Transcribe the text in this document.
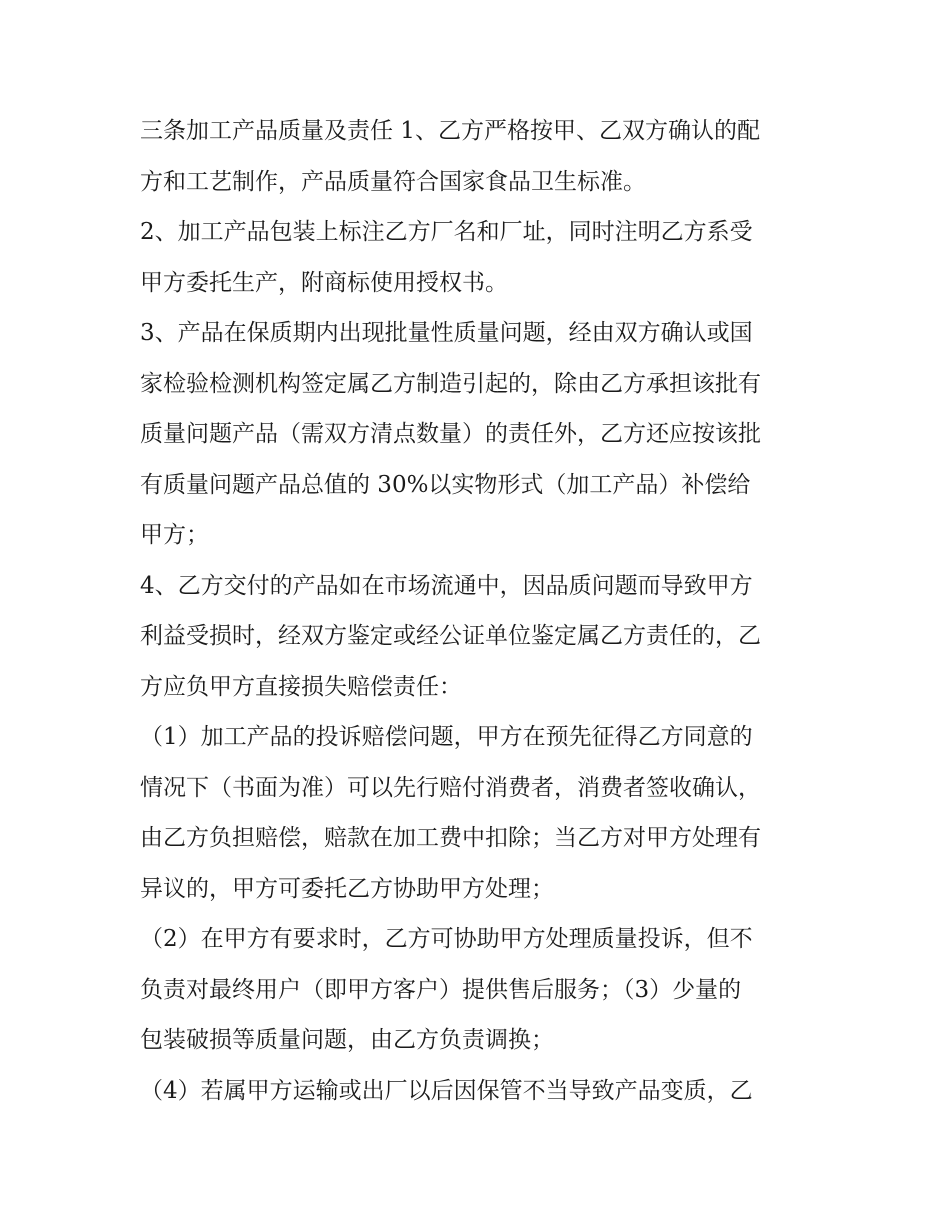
三条加工产品质量及责任 1、乙方严格按甲、乙双方确认的配
方和工艺制作，产品质量符合国家食品卫生标准。
2、加工产品包装上标注乙方厂名和厂址，同时注明乙方系受
甲方委托生产，附商标使用授权书。
3、产品在保质期内出现批量性质量问题，经由双方确认或国
家检验检测机构签定属乙方制造引起的，除由乙方承担该批有
质量问题产品（需双方清点数量）的责任外，乙方还应按该批
有质量问题产品总值的 30%以实物形式（加工产品）补偿给
甲方；
4、乙方交付的产品如在市场流通中，因品质问题而导致甲方
利益受损时，经双方鉴定或经公证单位鉴定属乙方责任的，乙
方应负甲方直接损失赔偿责任：
（1）加工产品的投诉赔偿问题，甲方在预先征得乙方同意的
情况下（书面为准）可以先行赔付消费者，消费者签收确认，
由乙方负担赔偿，赔款在加工费中扣除；当乙方对甲方处理有
异议的，甲方可委托乙方协助甲方处理；
（2）在甲方有要求时，乙方可协助甲方处理质量投诉，但不
负责对最终用户（即甲方客户）提供售后服务；（3）少量的
包装破损等质量问题，由乙方负责调换；
（4）若属甲方运输或出厂以后因保管不当导致产品变质，乙
